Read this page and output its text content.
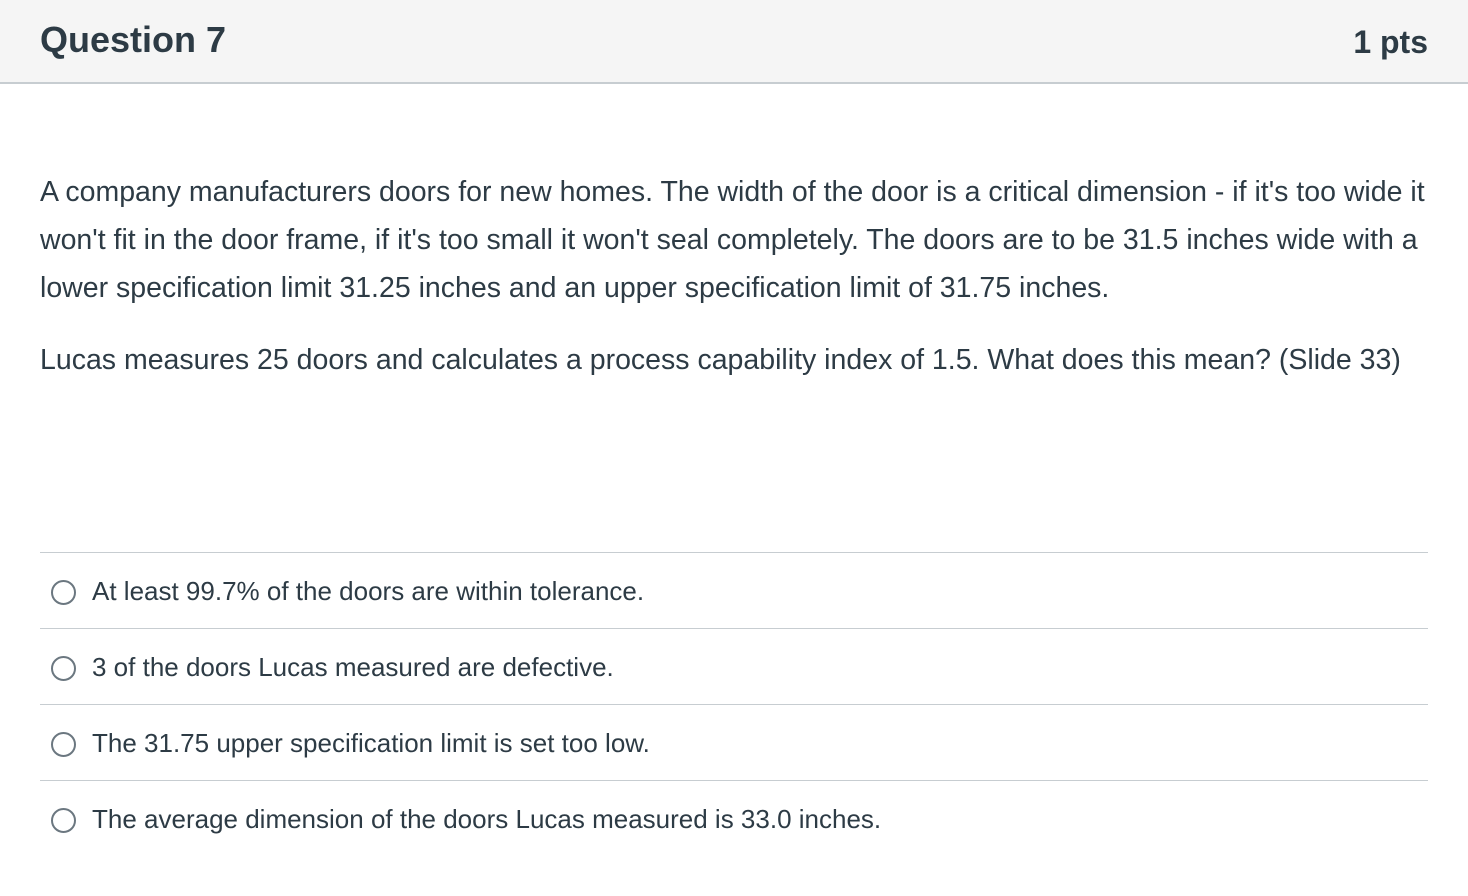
Question 7	1 pts

A company manufacturers doors for new homes. The width of the door is a critical dimension - if it's too wide it won't fit in the door frame, if it's too small it won't seal completely. The doors are to be 31.5 inches wide with a lower specification limit 31.25 inches and an upper specification limit of 31.75 inches.

Lucas measures 25 doors and calculates a process capability index of 1.5. What does this mean? (Slide 33)

At least 99.7% of the doors are within tolerance.
3 of the doors Lucas measured are defective.
The 31.75 upper specification limit is set too low.
The average dimension of the doors Lucas measured is 33.0 inches.
